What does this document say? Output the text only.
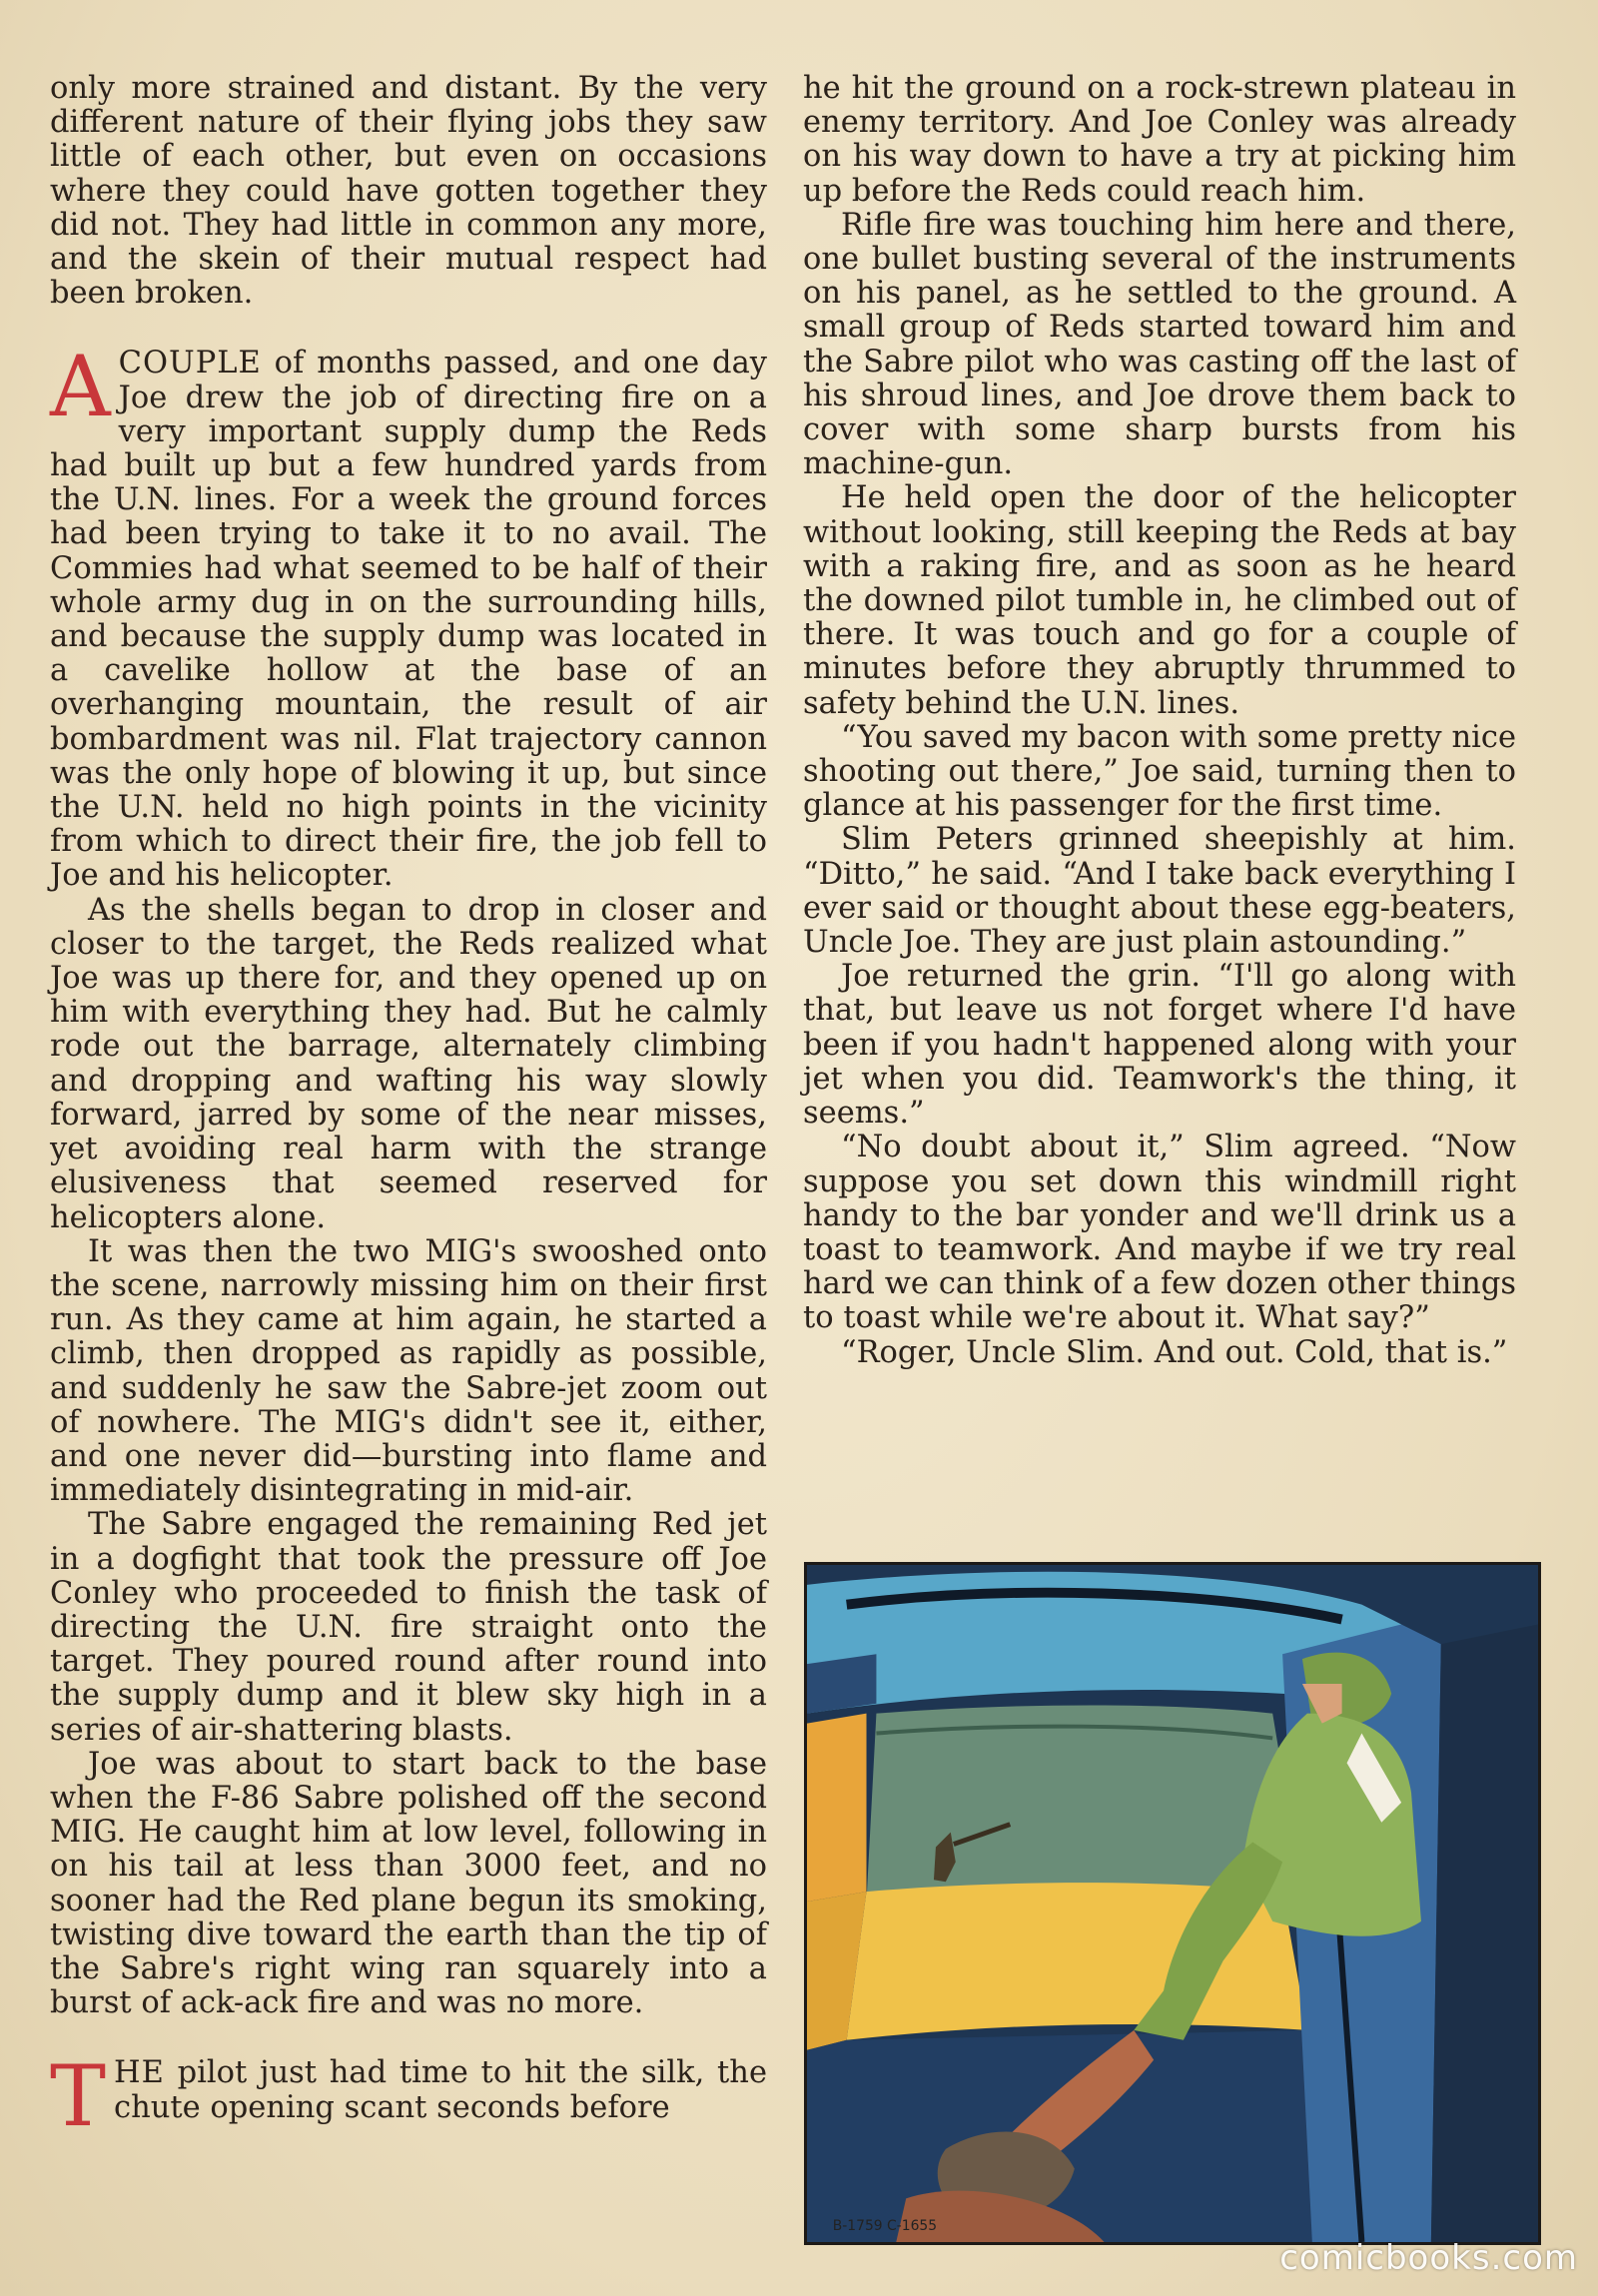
only more strained and distant. By the very different nature of their flying jobs they saw little of each other, but even on occasions where they could have gotten together they did not. They had little in common any more, and the skein of their mutual respect had been broken.

ACOUPLE of months passed, and one day Joe drew the job of directing fire on a very important supply dump the Reds had built up but a few hundred yards from the U.N. lines. For a week the ground forces had been trying to take it to no avail. The Commies had what seemed to be half of their whole army dug in on the surrounding hills, and because the supply dump was located in a cavelike hollow at the base of an overhanging mountain, the result of air bombardment was nil. Flat trajectory cannon was the only hope of blowing it up, but since the U.N. held no high points in the vicinity from which to direct their fire, the job fell to Joe and his helicopter.

As the shells began to drop in closer and closer to the target, the Reds realized what Joe was up there for, and they opened up on him with everything they had. But he calmly rode out the barrage, alternately climbing and dropping and wafting his way slowly forward, jarred by some of the near misses, yet avoiding real harm with the strange elusiveness that seemed reserved for helicopters alone.

It was then the two MIG's swooshed onto the scene, narrowly missing him on their first run. As they came at him again, he started a climb, then dropped as rapidly as possible, and suddenly he saw the Sabre-jet zoom out of nowhere. The MIG's didn't see it, either, and one never did—bursting into flame and immediately disintegrating in mid-air.

The Sabre engaged the remaining Red jet in a dogfight that took the pressure off Joe Conley who proceeded to finish the task of directing the U.N. fire straight onto the target. They poured round after round into the supply dump and it blew sky high in a series of air-shattering blasts.

Joe was about to start back to the base when the F-86 Sabre polished off the second MIG. He caught him at low level, following in on his tail at less than 3000 feet, and no sooner had the Red plane begun its smoking, twisting dive toward the earth than the tip of the Sabre's right wing ran squarely into a burst of ack-ack fire and was no more.

THE pilot just had time to hit the silk, the chute opening scant seconds before

he hit the ground on a rock-strewn plateau in enemy territory. And Joe Conley was already on his way down to have a try at picking him up before the Reds could reach him.

Rifle fire was touching him here and there, one bullet busting several of the instruments on his panel, as he settled to the ground. A small group of Reds started toward him and the Sabre pilot who was casting off the last of his shroud lines, and Joe drove them back to cover with some sharp bursts from his machine-gun.

He held open the door of the helicopter without looking, still keeping the Reds at bay with a raking fire, and as soon as he heard the downed pilot tumble in, he climbed out of there. It was touch and go for a couple of minutes before they abruptly thrummed to safety behind the U.N. lines.

“You saved my bacon with some pretty nice shooting out there,” Joe said, turning then to glance at his passenger for the first time.

Slim Peters grinned sheepishly at him. “Ditto,” he said. “And I take back everything I ever said or thought about these egg-beaters, Uncle Joe. They are just plain astounding.”

Joe returned the grin. “I'll go along with that, but leave us not forget where I'd have been if you hadn't happened along with your jet when you did. Teamwork's the thing, it seems.”

“No doubt about it,” Slim agreed. “Now suppose you set down this windmill right handy to the bar yonder and we'll drink us a toast to teamwork. And maybe if we try real hard we can think of a few dozen other things to toast while we're about it. What say?”

“Roger, Uncle Slim. And out. Cold, that is.”

B-1759 C-1655
comicbooks.com
